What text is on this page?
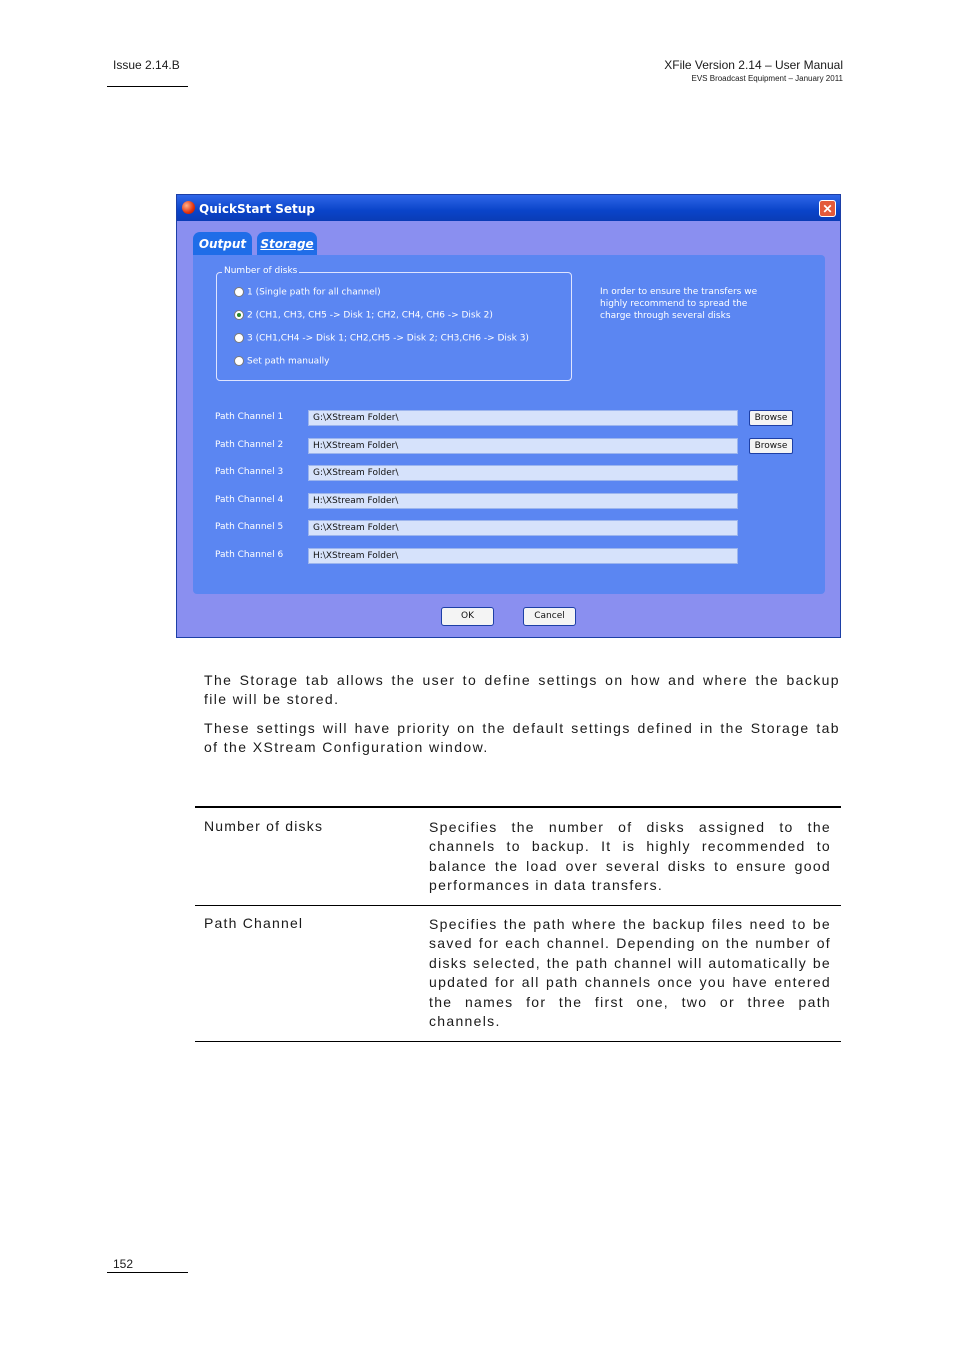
Issue 2.14.B	XFile Version 2.14 – User Manual
EVS Broadcast Equipment – January 2011
QuickStart Setup	✕
Output	Storage
Number of disks
1 (Single path for all channel)
2 (CH1, CH3, CH5 -> Disk 1; CH2, CH4, CH6 -> Disk 2)
3 (CH1,CH4 -> Disk 1; CH2,CH5 -> Disk 2; CH3,CH6 -> Disk 3)
Set path manually
In order to ensure the transfers we highly recommend to spread the charge through several disks
Path Channel 1	G:\XStream Folder\	Browse
Path Channel 2	H:\XStream Folder\	Browse
Path Channel 3	G:\XStream Folder\
Path Channel 4	H:\XStream Folder\
Path Channel 5	G:\XStream Folder\
Path Channel 6	H:\XStream Folder\
OK	Cancel
The Storage tab allows the user to define settings on how and where the backup file will be stored.
These settings will have priority on the default settings defined in the Storage tab of the XStream Configuration window.
Number of disks	Specifies the number of disks assigned to the channels to backup. It is highly recommended to balance the load over several disks to ensure good performances in data transfers.
Path Channel	Specifies the path where the backup files need to be saved for each channel. Depending on the number of disks selected, the path channel will automatically be updated for all path channels once you have entered the names for the first one, two or three path channels.
152
